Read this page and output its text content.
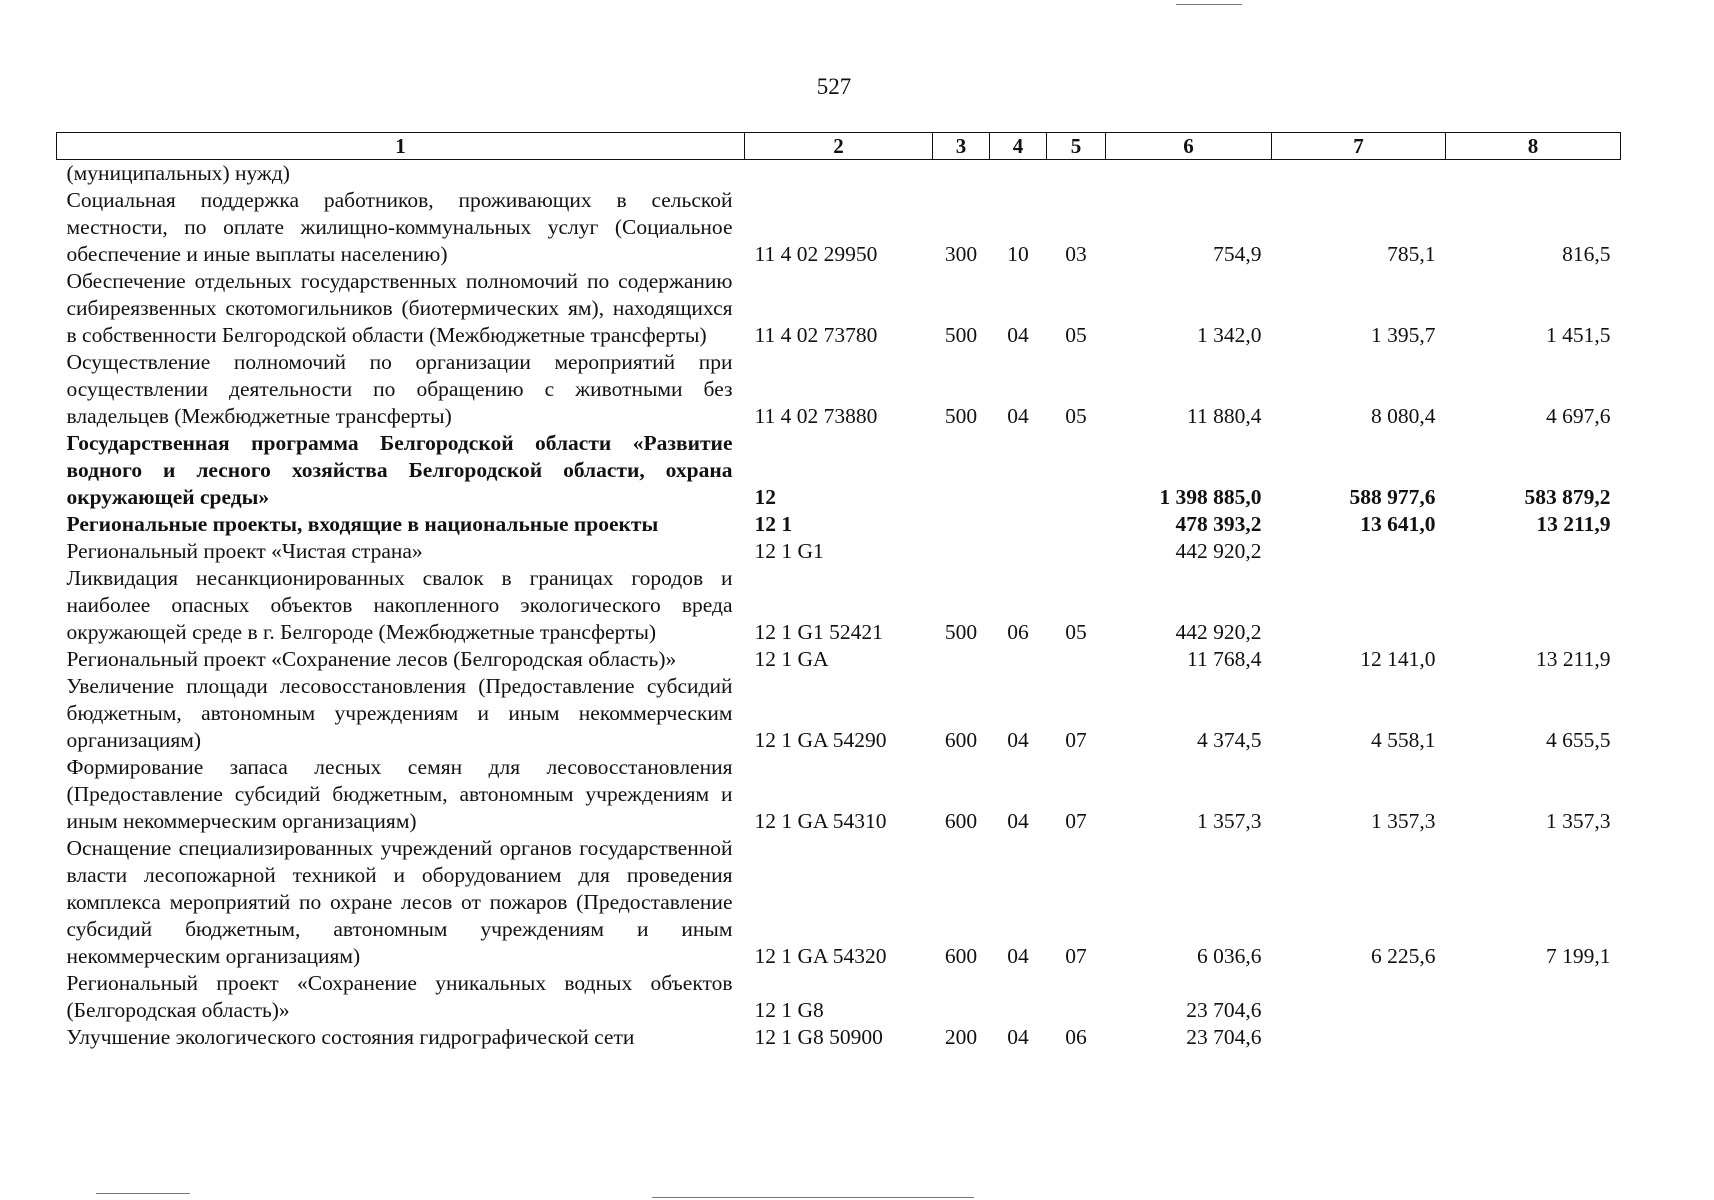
527
1	2	3	4	5	6	7	8
(муниципальных) нужд)							
Социальная поддержка работников, проживающих в сельской местности, по оплате жилищно-коммунальных услуг (Социальное обеспечение и иные выплаты населению)	11 4 02 29950	300	10	03	754,9	785,1	816,5
Обеспечение отдельных государственных полномочий по содержанию сибиреязвенных скотомогильников (биотермических ям), находящихся в собственности Белгородской области (Межбюджетные трансферты)	11 4 02 73780	500	04	05	1 342,0	1 395,7	1 451,5
Осуществление полномочий по организации мероприятий при осуществлении деятельности по обращению с животными без владельцев (Межбюджетные трансферты)	11 4 02 73880	500	04	05	11 880,4	8 080,4	4 697,6
Государственная программа Белгородской области «Развитие водного и лесного хозяйства Белгородской области, охрана окружающей среды»	12				1 398 885,0	588 977,6	583 879,2
Региональные проекты, входящие в национальные проекты	12 1				478 393,2	13 641,0	13 211,9
Региональный проект «Чистая страна»	12 1 G1				442 920,2		
Ликвидация несанкционированных свалок в границах городов и наиболее опасных объектов накопленного экологического вреда окружающей среде в г. Белгороде (Межбюджетные трансферты)	12 1 G1 52421	500	06	05	442 920,2		
Региональный проект «Сохранение лесов (Белгородская область)»	12 1 GA				11 768,4	12 141,0	13 211,9
Увеличение площади лесовосстановления (Предоставление субсидий бюджетным, автономным учреждениям и иным некоммерческим организациям)	12 1 GA 54290	600	04	07	4 374,5	4 558,1	4 655,5
Формирование запаса лесных семян для лесовосстановления (Предоставление субсидий бюджетным, автономным учреждениям и иным некоммерческим организациям)	12 1 GA 54310	600	04	07	1 357,3	1 357,3	1 357,3
Оснащение специализированных учреждений органов государственной власти лесопожарной техникой и оборудованием для проведения комплекса мероприятий по охране лесов от пожаров (Предоставление субсидий бюджетным, автономным учреждениям и иным некоммерческим организациям)	12 1 GA 54320	600	04	07	6 036,6	6 225,6	7 199,1
Региональный проект «Сохранение уникальных водных объектов (Белгородская область)»	12 1 G8				23 704,6		
Улучшение экологического состояния гидрографической сети	12 1 G8 50900	200	04	06	23 704,6		
